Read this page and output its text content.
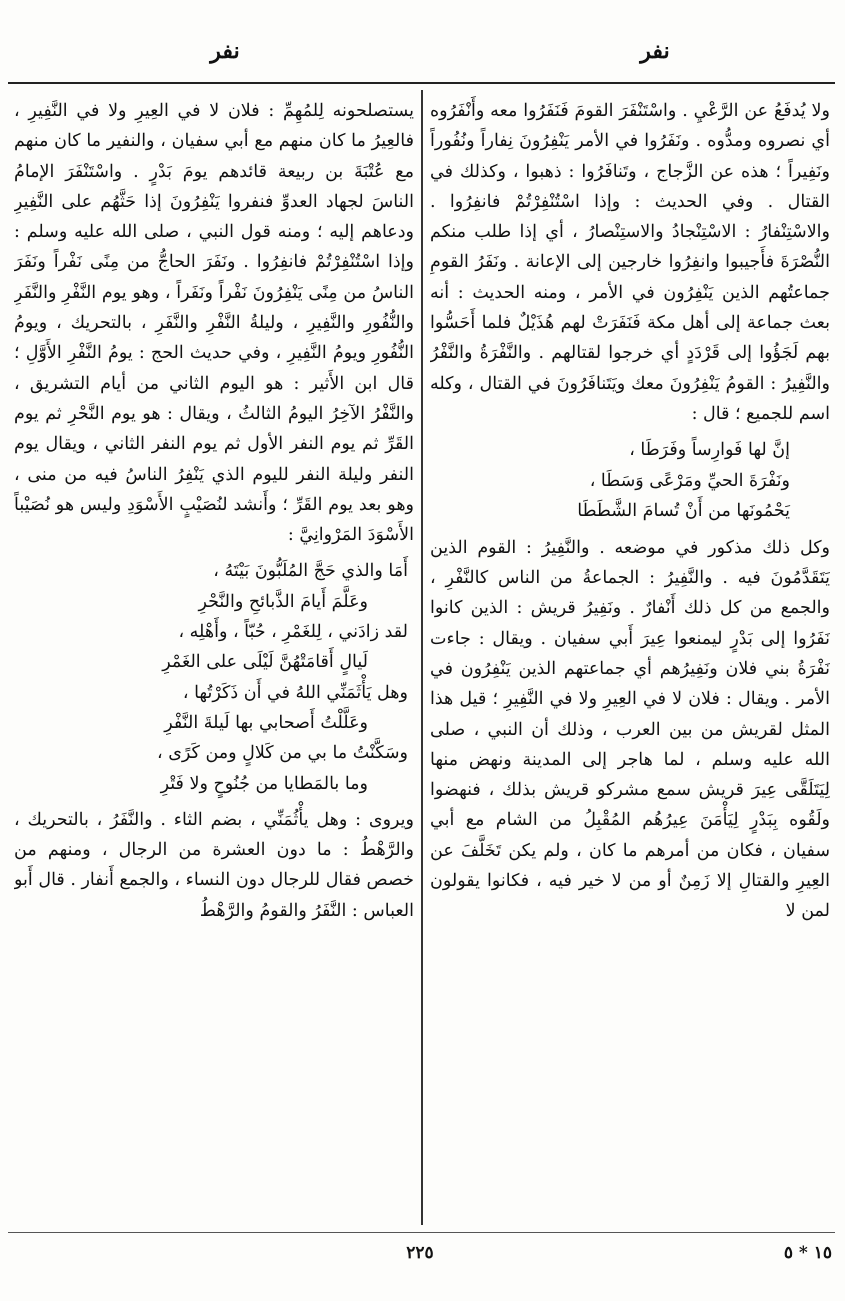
نفر
نفر

ولا يُدفَعُ عن الرَّعْيِ . واسْتَنْفَرَ القومَ فَنَفَرُوا معه وأَنْفَرُوه أي نصروه ومدُّوه . ونَفَرُوا في الأمر يَنْفِرُونَ نِفاراً ونُفُوراً ونَفِيراً ؛ هذه عن الزَّجاج ، وتَنافَرُوا : ذهبوا ، وكذلك في القتال . وفي الحديث : وإذا اسْتُنْفِرْتُمْ فانفِرُوا . والاسْتِنْفارُ : الاسْتِنْجادُ والاستِنْصارُ ، أي إذا طلب منكم النُّصْرَةَ فأَجيبوا وانفِرُوا خارجين إلى الإعانة . ونَفَرُ القومِ جماعتُهم الذين يَنْفِرُون في الأمر ، ومنه الحديث : أنه بعث جماعة إلى أهل مكة فَنَفَرَتْ لهم هُذَيْلٌ فلما أَحَسُّوا بهم لَجَؤُوا إلى قَرْدَدٍ أي خرجوا لقتالهم . والنَّفْرَةُ والنَّفْرُ والنَّفِيرُ : القومُ يَنْفِرُونَ معك ويَتَنافَرُونَ في القتال ، وكله اسم للجميع ؛ قال :

إنَّ لها فَوارِساً وفَرَطَا ،
ونَفْرَةَ الحيِّ ومَرْعًى وَسَطَا ،
يَحْمُونَها من أَنْ تُسامَ الشَّطَطَا

وكل ذلك مذكور في موضعه . والنَّفِيرُ : القوم الذين يَتَقَدَّمُونَ فيه . والنَّفِيرُ : الجماعةُ من الناس كالنَّفْرِ ، والجمع من كل ذلك أَنْفارٌ . ونَفِيرُ قريش : الذين كانوا نَفَرُوا إلى بَدْرٍ ليمنعوا عِيرَ أَبي سفيان . ويقال : جاءت نَفْرَةُ بني فلان ونَفِيرُهم أي جماعتهم الذين يَنْفِرُون في الأمر . ويقال : فلان لا في العِيرِ ولا في النَّفِيرِ ؛ قيل هذا المثل لقريش من بين العرب ، وذلك أن النبي ، صلى الله عليه وسلم ، لما هاجر إلى المدينة ونهض منها لِيَتَلَقَّى عِيرَ قريش سمع مشركو قريش بذلك ، فنهضوا ولَقُوه بِبَدْرٍ لِيَأْمَنَ عِيرُهُم المُقْبِلُ من الشام مع أبي سفيان ، فكان من أمرهم ما كان ، ولم يكن تَخَلَّفَ عن العِيرِ والقتالِ إلا زَمِنٌ أو من لا خير فيه ، فكانوا يقولون لمن لا

يستصلحونه لِلمُهِمِّ : فلان لا في العِيرِ ولا في النَّفِيرِ ، فالعِيرُ ما كان منهم مع أبي سفيان ، والنفير ما كان منهم مع عُتْبَةَ بن ربيعة قائدهم يومَ بَدْرٍ . واسْتَنْفَرَ الإمامُ الناسَ لجهاد العدوِّ فنفروا يَنْفِرُونَ إذا حَثَّهُم على النَّفِيرِ ودعاهم إليه ؛ ومنه قول النبي ، صلى الله عليه وسلم : وإذا اسْتُنْفِرْتُمْ فانفِرُوا . ونَفَرَ الحاجُّ من مِنًى نَفْراً ونَفَرَ الناسُ من مِنًى يَنْفِرُونَ نَفْراً ونَفَراً ، وهو يوم النَّفْرِ والنَّفَرِ والنُّفُورِ والنَّفِيرِ ، وليلةُ النَّفْرِ والنَّفَرِ ، بالتحريك ، ويومُ النُّفُورِ ويومُ النَّفِيرِ ، وفي حديث الحج : يومُ النَّفْرِ الأَوَّلِ ؛ قال ابن الأَثير : هو اليوم الثاني من أيام التشريق ، والنَّفْرُ الآخِرُ اليومُ الثالثُ ، ويقال : هو يوم النَّحْرِ ثم يوم القَرِّ ثم يوم النفر الأول ثم يوم النفر الثاني ، ويقال يوم النفر وليلة النفر لليوم الذي يَنْفِرُ الناسُ فيه من منى ، وهو بعد يوم القَرِّ ؛ وأَنشد لنُصَيْبٍ الأَسْوَدِ وليس هو نُصَيْباً الأَسْوَدَ المَرْوانِيَّ :

أَمَا والذي حَجَّ المُلَبُّونَ بَيْتَهُ ،
وعَلَّمَ أَيامَ الذَّبائحِ والنَّحْرِ
لقد زادَني ، لِلغَمْرِ ، حُبّاً ، وأَهْلِه ،
لَيالٍ أَقامَتْهُنَّ لَيْلَى على الغَمْرِ
وهل يَأْثَمَنِّي اللهُ في أَن ذَكَرْتُها ،
وعَلَّلْتُ أَصحابي بها لَيلةَ النَّفْرِ
وسَكَّنْتُ ما بي من كَلالٍ ومن كَرًى ،
وما بالمَطايا من جُنُوحٍ ولا فَتْرِ

ويروى : وهل يأْثُمَنِّي ، بضم الثاء . والنَّفَرُ ، بالتحريك ، والرَّهْطُ : ما دون العشرة من الرجال ، ومنهم من خصص فقال للرجال دون النساء ، والجمع أَنفار . قال أَبو العباس : النَّفَرُ والقومُ والرَّهْطُ

٢٢٥	١٥ * ٥
